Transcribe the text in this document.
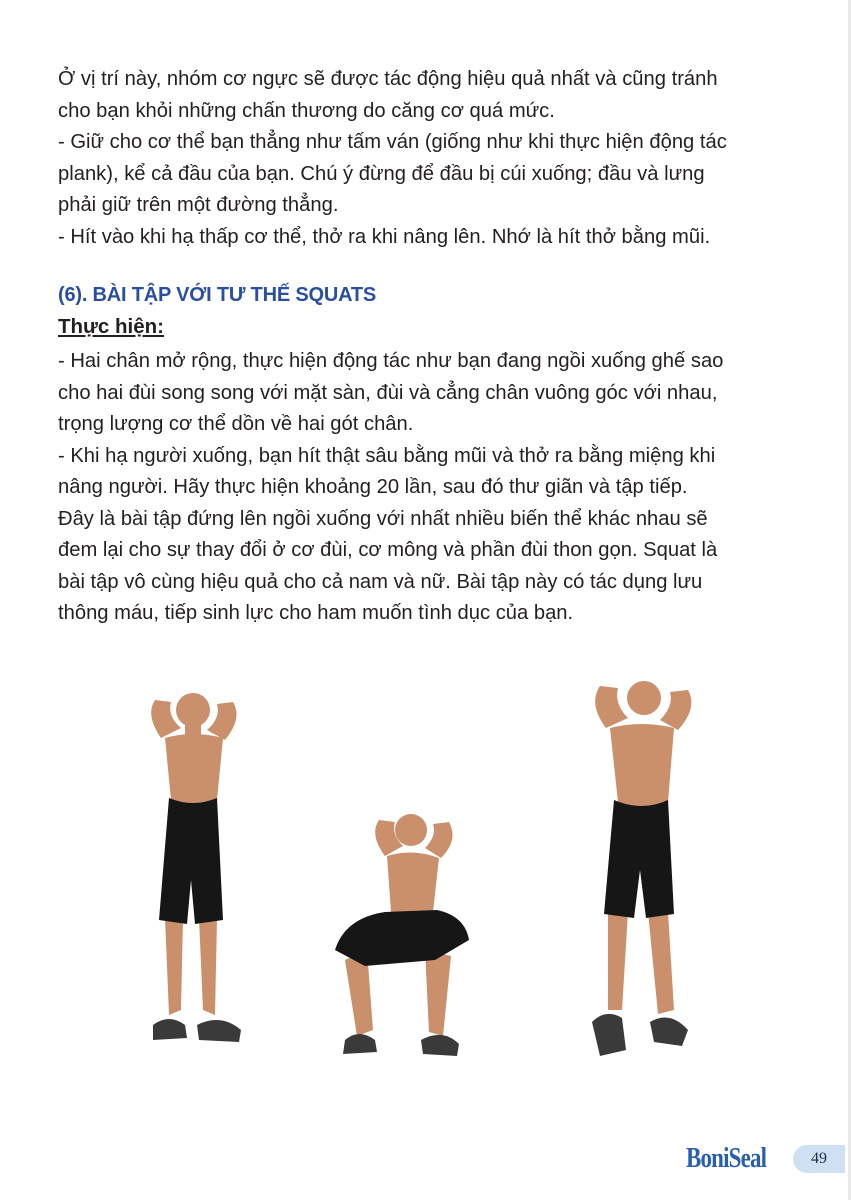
Ở vị trí này, nhóm cơ ngực sẽ được tác động hiệu quả nhất và cũng tránh

cho bạn khỏi những chấn thương do căng cơ quá mức.

- Giữ cho cơ thể bạn thẳng như tấm ván (giống như khi thực hiện động tác

plank), kể cả đầu của bạn. Chú ý đừng để đầu bị cúi xuống; đầu và lưng

phải giữ trên một đường thẳng.

- Hít vào khi hạ thấp cơ thể, thở ra khi nâng lên. Nhớ là hít thở bằng mũi.

(6). BÀI TẬP VỚI TƯ THẾ SQUATS
Thực hiện:

- Hai chân mở rộng, thực hiện động tác như bạn đang ngồi xuống ghế sao

cho hai đùi song song với mặt sàn, đùi và cẳng chân vuông góc với nhau,

trọng lượng cơ thể dồn về hai gót chân.

- Khi hạ người xuống, bạn hít thật sâu bằng mũi và thở ra bằng miệng khi

nâng người. Hãy thực hiện khoảng 20 lần, sau đó thư giãn và tập tiếp.

Đây là bài tập đứng lên ngồi xuống với nhất nhiều biến thể khác nhau sẽ

đem lại cho sự thay đổi ở cơ đùi, cơ mông và phần đùi thon gọn. Squat là

bài tập vô cùng hiệu quả cho cả nam và nữ. Bài tập này có tác dụng lưu

thông máu, tiếp sinh lực cho ham muốn tình dục của bạn.

BoniSeal	49
